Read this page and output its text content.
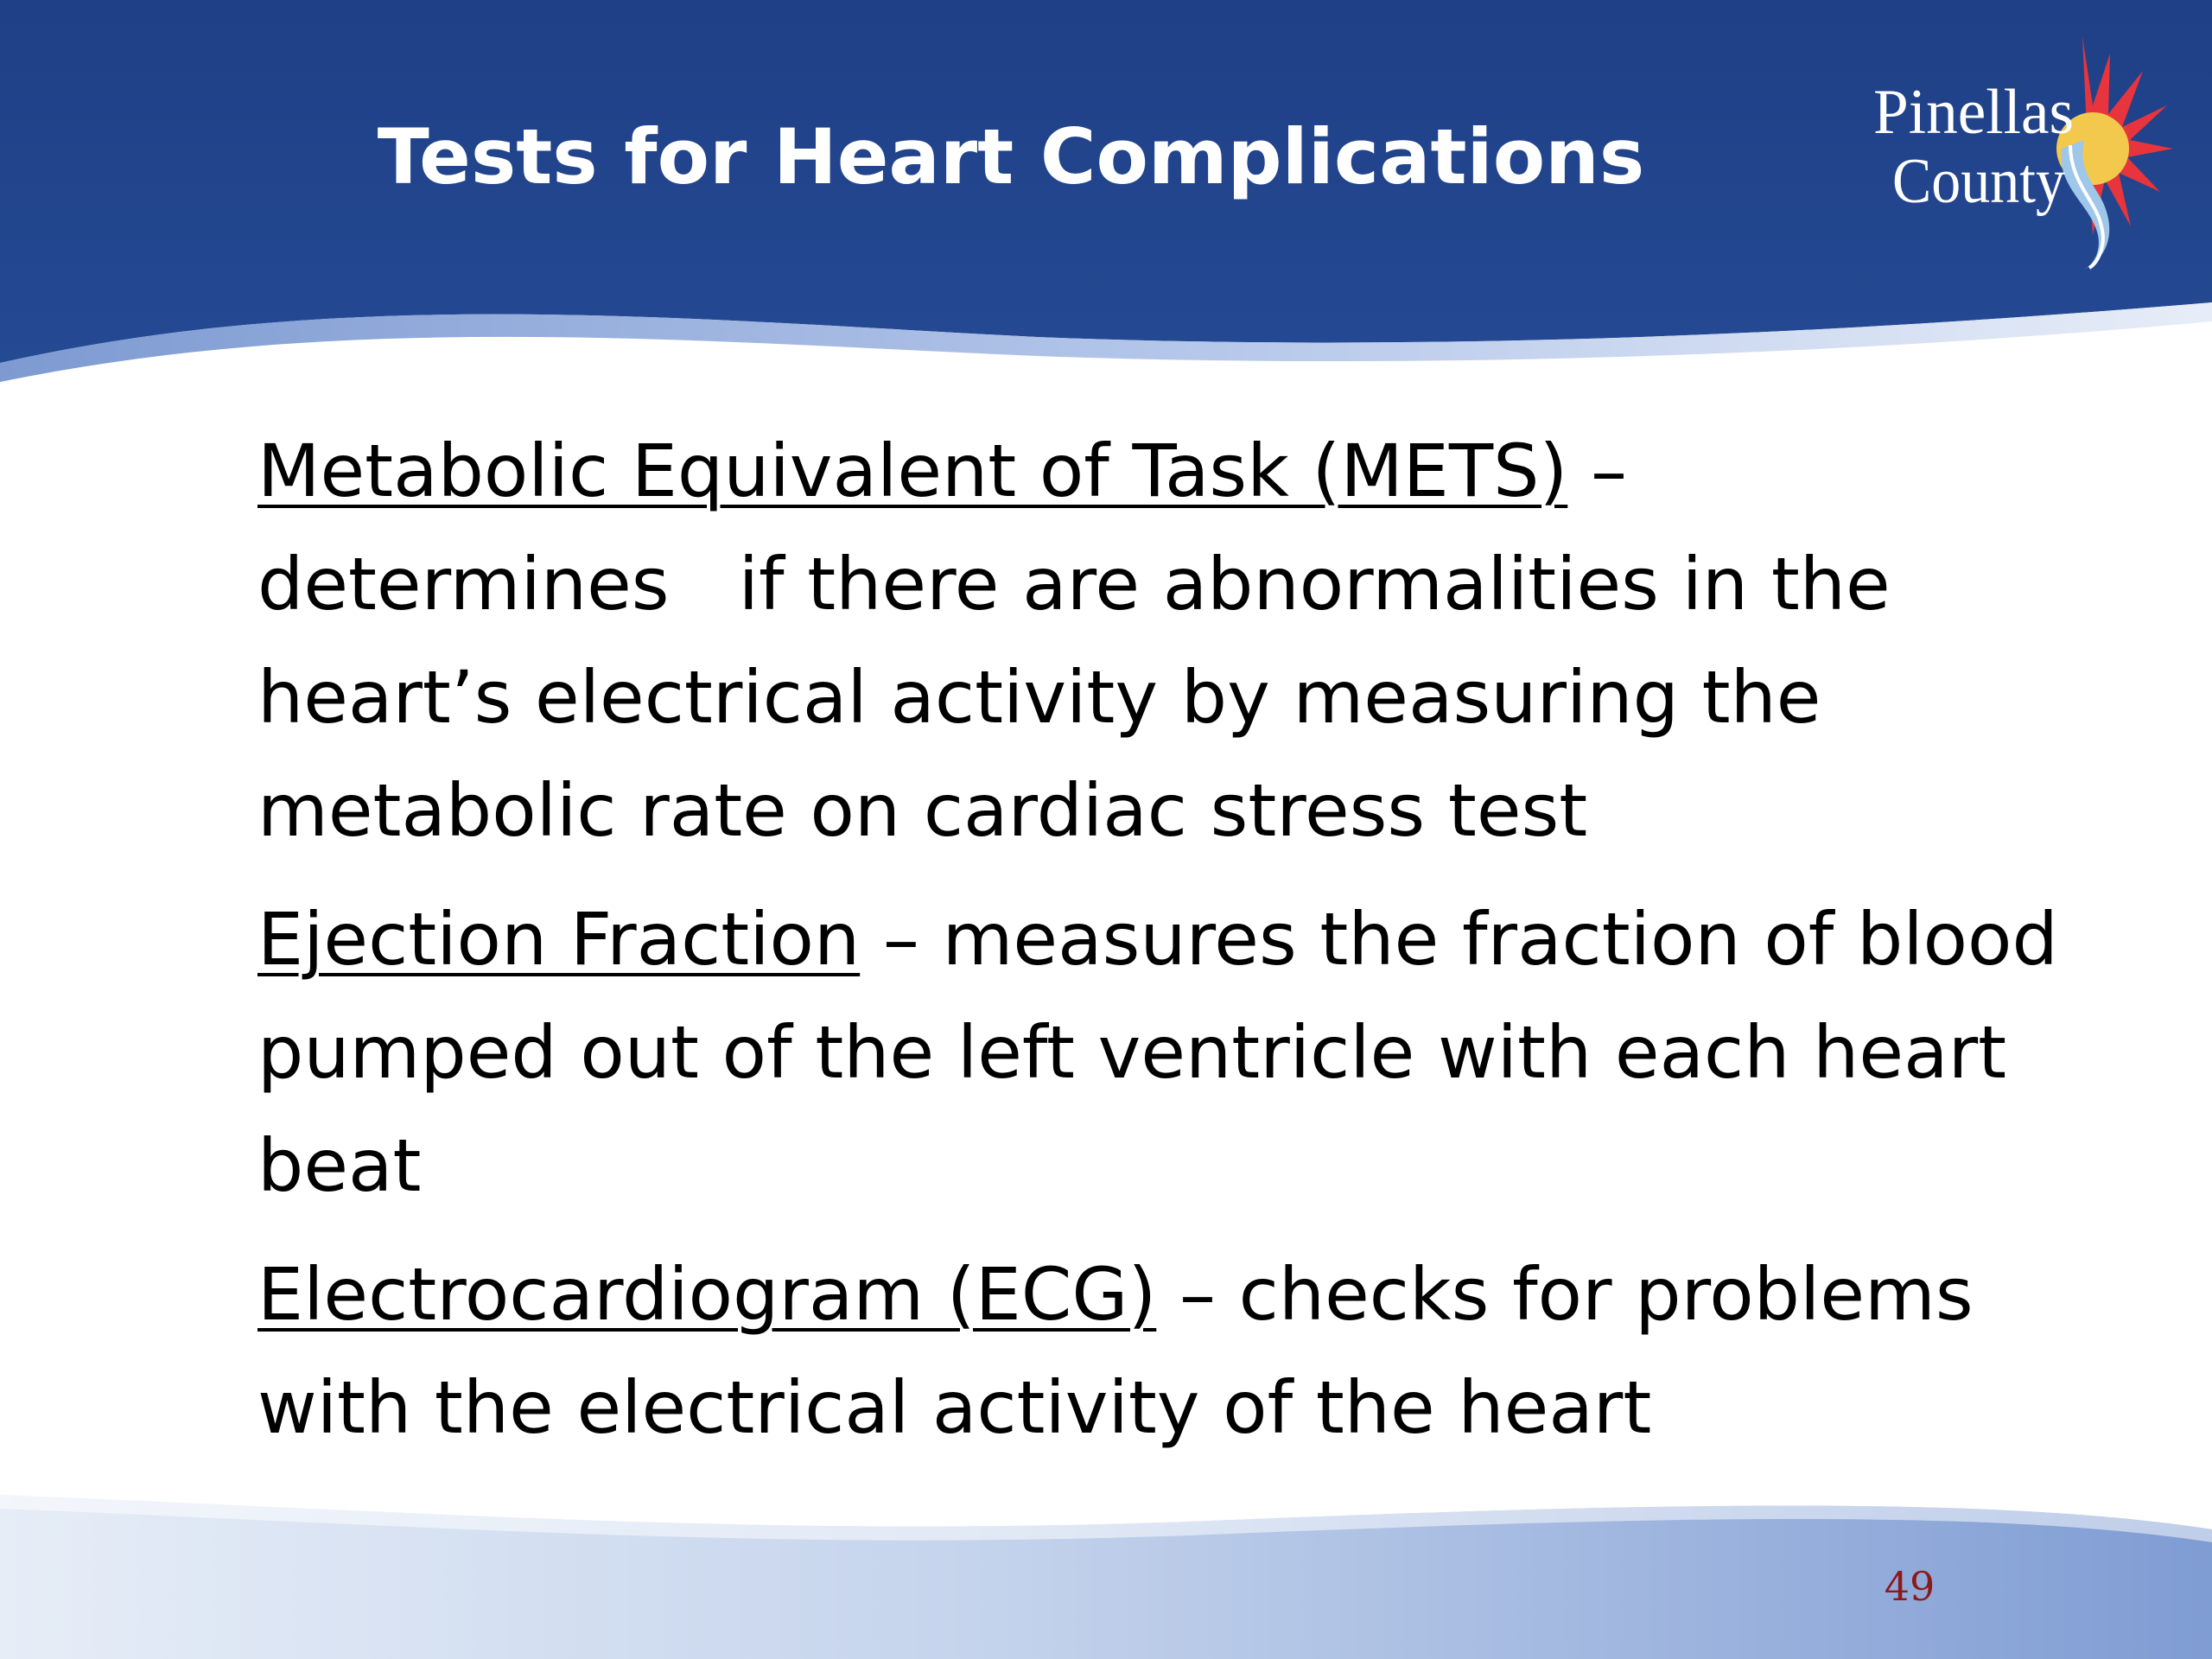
Tests for Heart Complications	Pinellas
County

Metabolic Equivalent of Task (METS) – determines   if there are abnormalities in the heart’s electrical activity by measuring the metabolic rate on cardiac stress test

Ejection Fraction – measures the fraction of blood pumped out of the left ventricle with each heart beat

Electrocardiogram (ECG) – checks for problems with the electrical activity of the heart

49
